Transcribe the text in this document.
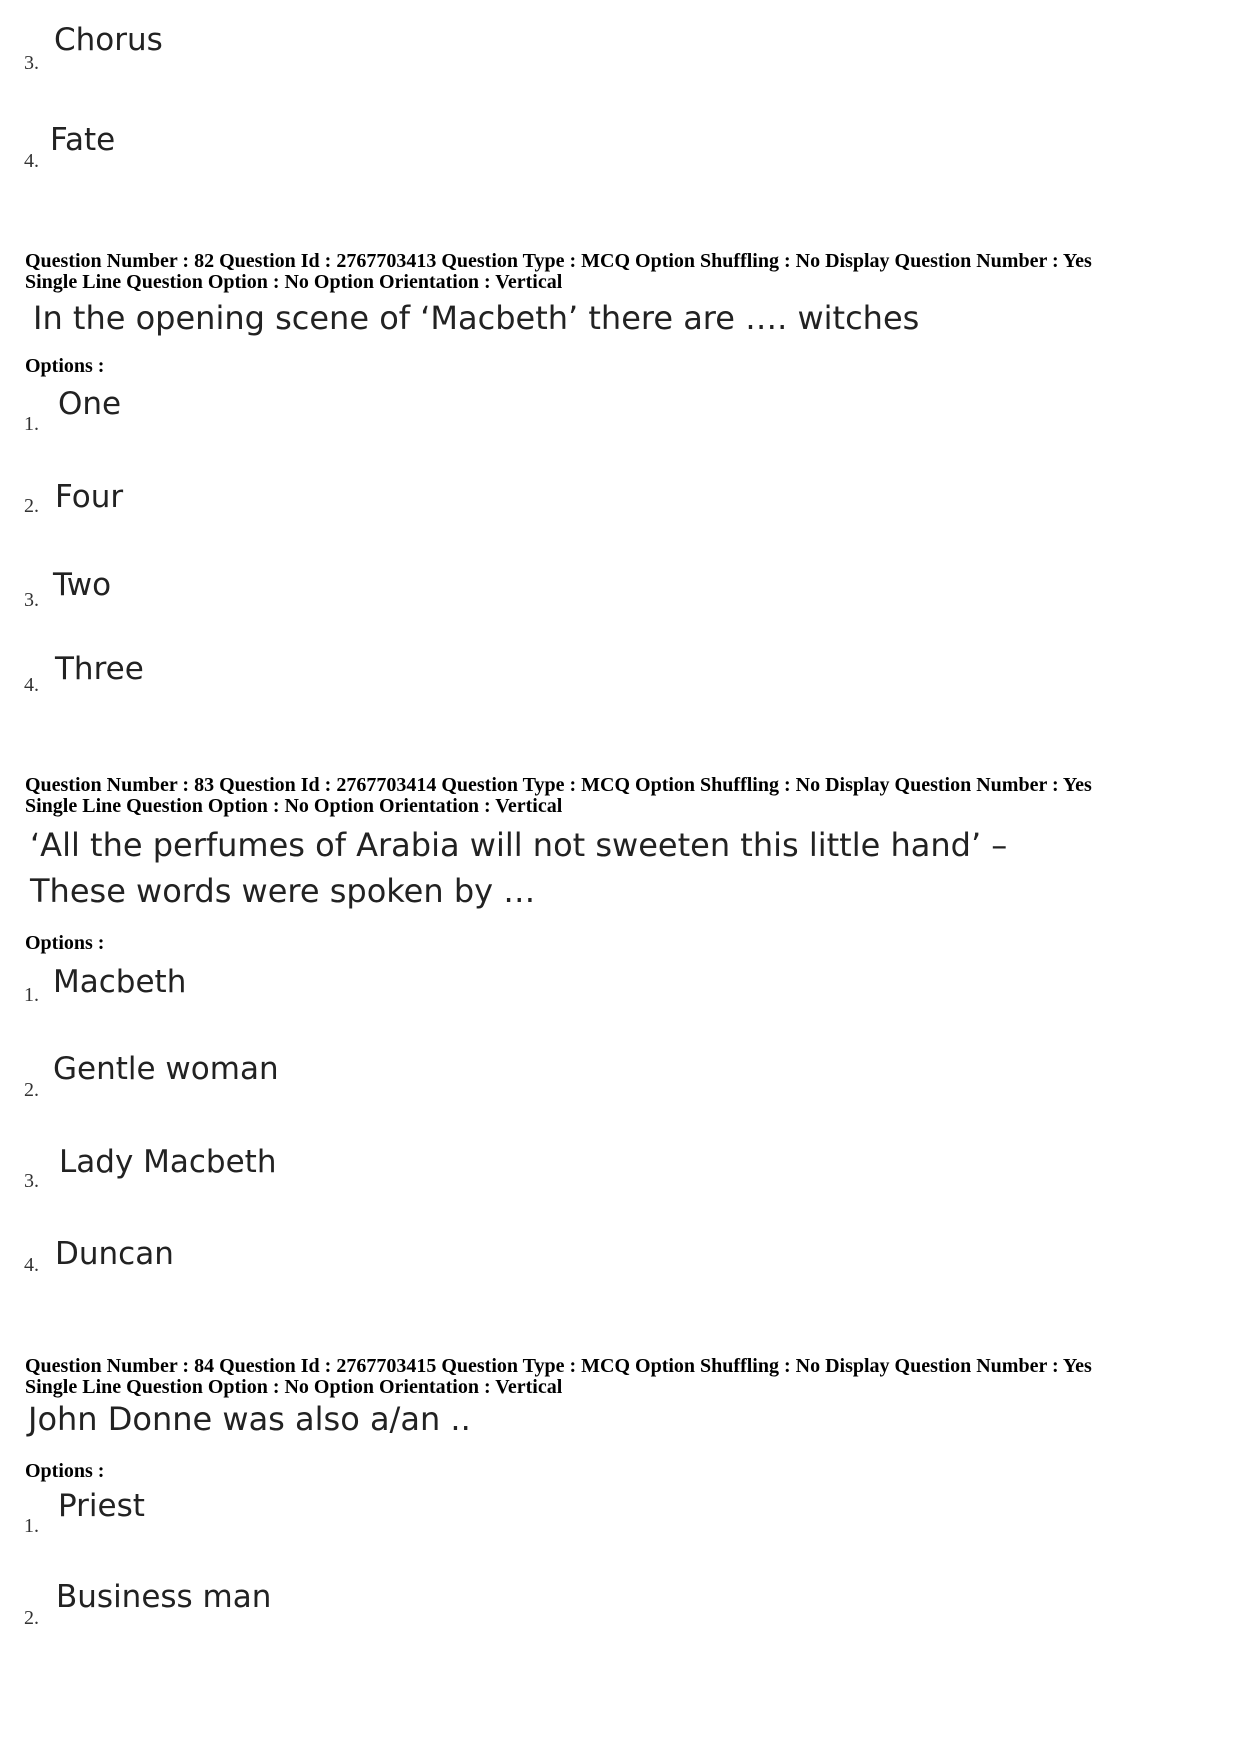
3.
Chorus
4.
Fate
Question Number : 82 Question Id : 2767703413 Question Type : MCQ Option Shuffling : No Display Question Number : Yes
Single Line Question Option : No Option Orientation : Vertical
In the opening scene of ‘Macbeth’ there are …. witches
Options :
1.
One
2. Four
3. Two
4. Three
Question Number : 83 Question Id : 2767703414 Question Type : MCQ Option Shuffling : No Display Question Number : Yes
Single Line Question Option : No Option Orientation : Vertical
‘All the perfumes of Arabia will not sweeten this little hand’ –
These words were spoken by …
Options :
1. Macbeth
2.
Gentle woman
3.
Lady Macbeth
4. Duncan
Question Number : 84 Question Id : 2767703415 Question Type : MCQ Option Shuffling : No Display Question Number : Yes
Single Line Question Option : No Option Orientation : Vertical
John Donne was also a/an ..
Options :
1.
Priest
2.
Business man
